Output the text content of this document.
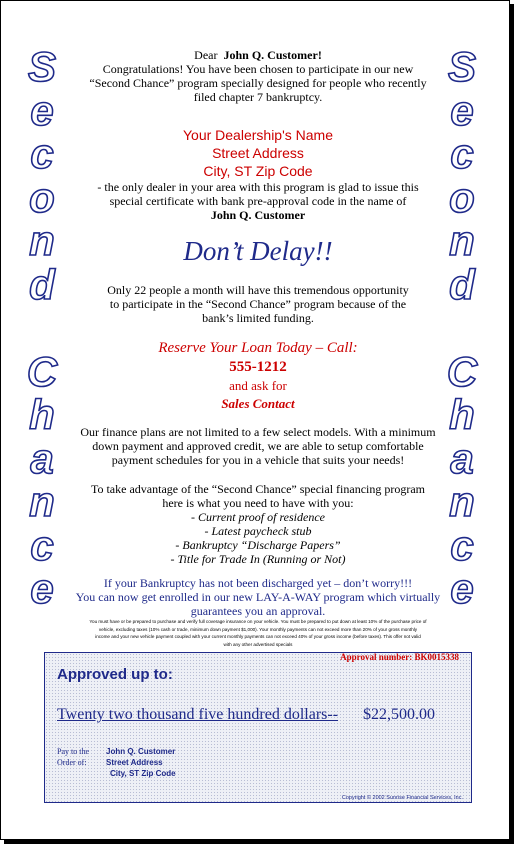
S
e
c
o
n
d
C
h
a
n
c
e
S
e
c
o
n
d
C
h
a
n
c
e
Dear John Q. Customer!
Congratulations! You have been chosen to participate in our new
“Second Chance” program specially designed for people who recently
filed chapter 7 bankruptcy.
Your Dealership's Name
Street Address
City, ST Zip Code
- the only dealer in your area with this program is glad to issue this
special certificate with bank pre-approval code in the name of
John Q. Customer
Don’t Delay!!
Only 22 people a month will have this tremendous opportunity
to participate in the “Second Chance” program because of the
bank’s limited funding.
Reserve Your Loan Today – Call:
555-1212
and ask for
Sales Contact
Our finance plans are not limited to a few select models. With a minimum
down payment and approved credit, we are able to setup comfortable
payment schedules for you in a vehicle that suits your needs!
To take advantage of the “Second Chance” special financing program
here is what you need to have with you:
- Current proof of residence
- Latest paycheck stub
- Bankruptcy “Discharge Papers”
- Title for Trade In (Running or Not)
If your Bankruptcy has not been discharged yet – don’t worry!!!
You can now get enrolled in our new LAY-A-WAY program which virtually
guarantees you an approval.
You must have or be prepared to purchase and verify full coverage insurance on your vehicle. You must be prepared to put down at least 10% of the purchase price of
vehicle, excluding taxes (10% cash or trade, minimum down payment $1,000). Your monthly payments can not exceed more than 20% of your gross monthly
income and your new vehicle payment coupled with your current monthly payments can not exceed 40% of your gross income (before taxes). This offer not valid
with any other advertised specials
Approval number: BK0015338
Approved up to:
Twenty two thousand five hundred dollars-- $22,500.00
Pay to the
Order of:
John Q. Customer
Street Address
City, ST Zip Code
Copyright © 2002 Sunrise Financial Services, Inc.
